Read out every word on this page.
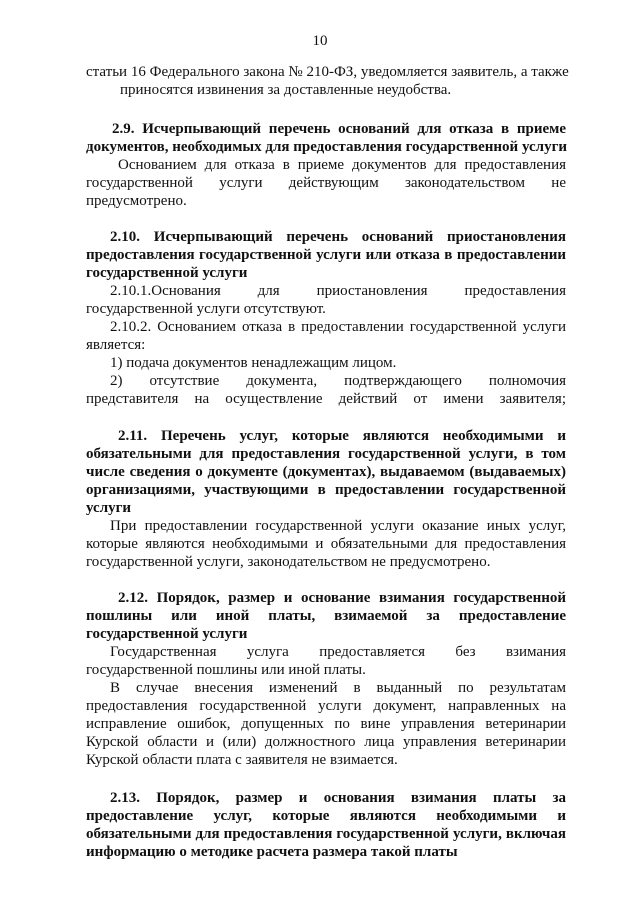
10
статьи 16 Федерального закона № 210-ФЗ, уведомляется заявитель, а также
приносятся извинения за доставленные неудобства.
2.9. Исчерпывающий перечень оснований для отказа в приеме
документов, необходимых для предоставления государственной услуги
Основанием для отказа в приеме документов для предоставления
государственной услуги действующим законодательством не
предусмотрено.
2.10. Исчерпывающий перечень оснований приостановления
предоставления государственной услуги или отказа в предоставлении
государственной услуги
2.10.1.Основания для приостановления предоставления
государственной услуги отсутствуют.
2.10.2. Основанием отказа в предоставлении государственной услуги
является:
1) подача документов ненадлежащим лицом.
2) отсутствие документа, подтверждающего полномочия
представителя на осуществление действий от имени заявителя;
2.11. Перечень услуг, которые являются необходимыми и
обязательными для предоставления государственной услуги, в том
числе сведения о документе (документах), выдаваемом (выдаваемых)
организациями, участвующими в предоставлении государственной
услуги
При предоставлении государственной услуги оказание иных услуг,
которые являются необходимыми и обязательными для предоставления
государственной услуги, законодательством не предусмотрено.
2.12. Порядок, размер и основание взимания государственной
пошлины или иной платы, взимаемой за предоставление
государственной услуги
Государственная услуга предоставляется без взимания
государственной пошлины или иной платы.
В случае внесения изменений в выданный по результатам
предоставления государственной услуги документ, направленных на
исправление ошибок, допущенных по вине управления ветеринарии
Курской области и (или) должностного лица управления ветеринарии
Курской области плата с заявителя не взимается.
2.13. Порядок, размер и основания взимания платы за
предоставление услуг, которые являются необходимыми и
обязательными для предоставления государственной услуги, включая
информацию о методике расчета размера такой платы
